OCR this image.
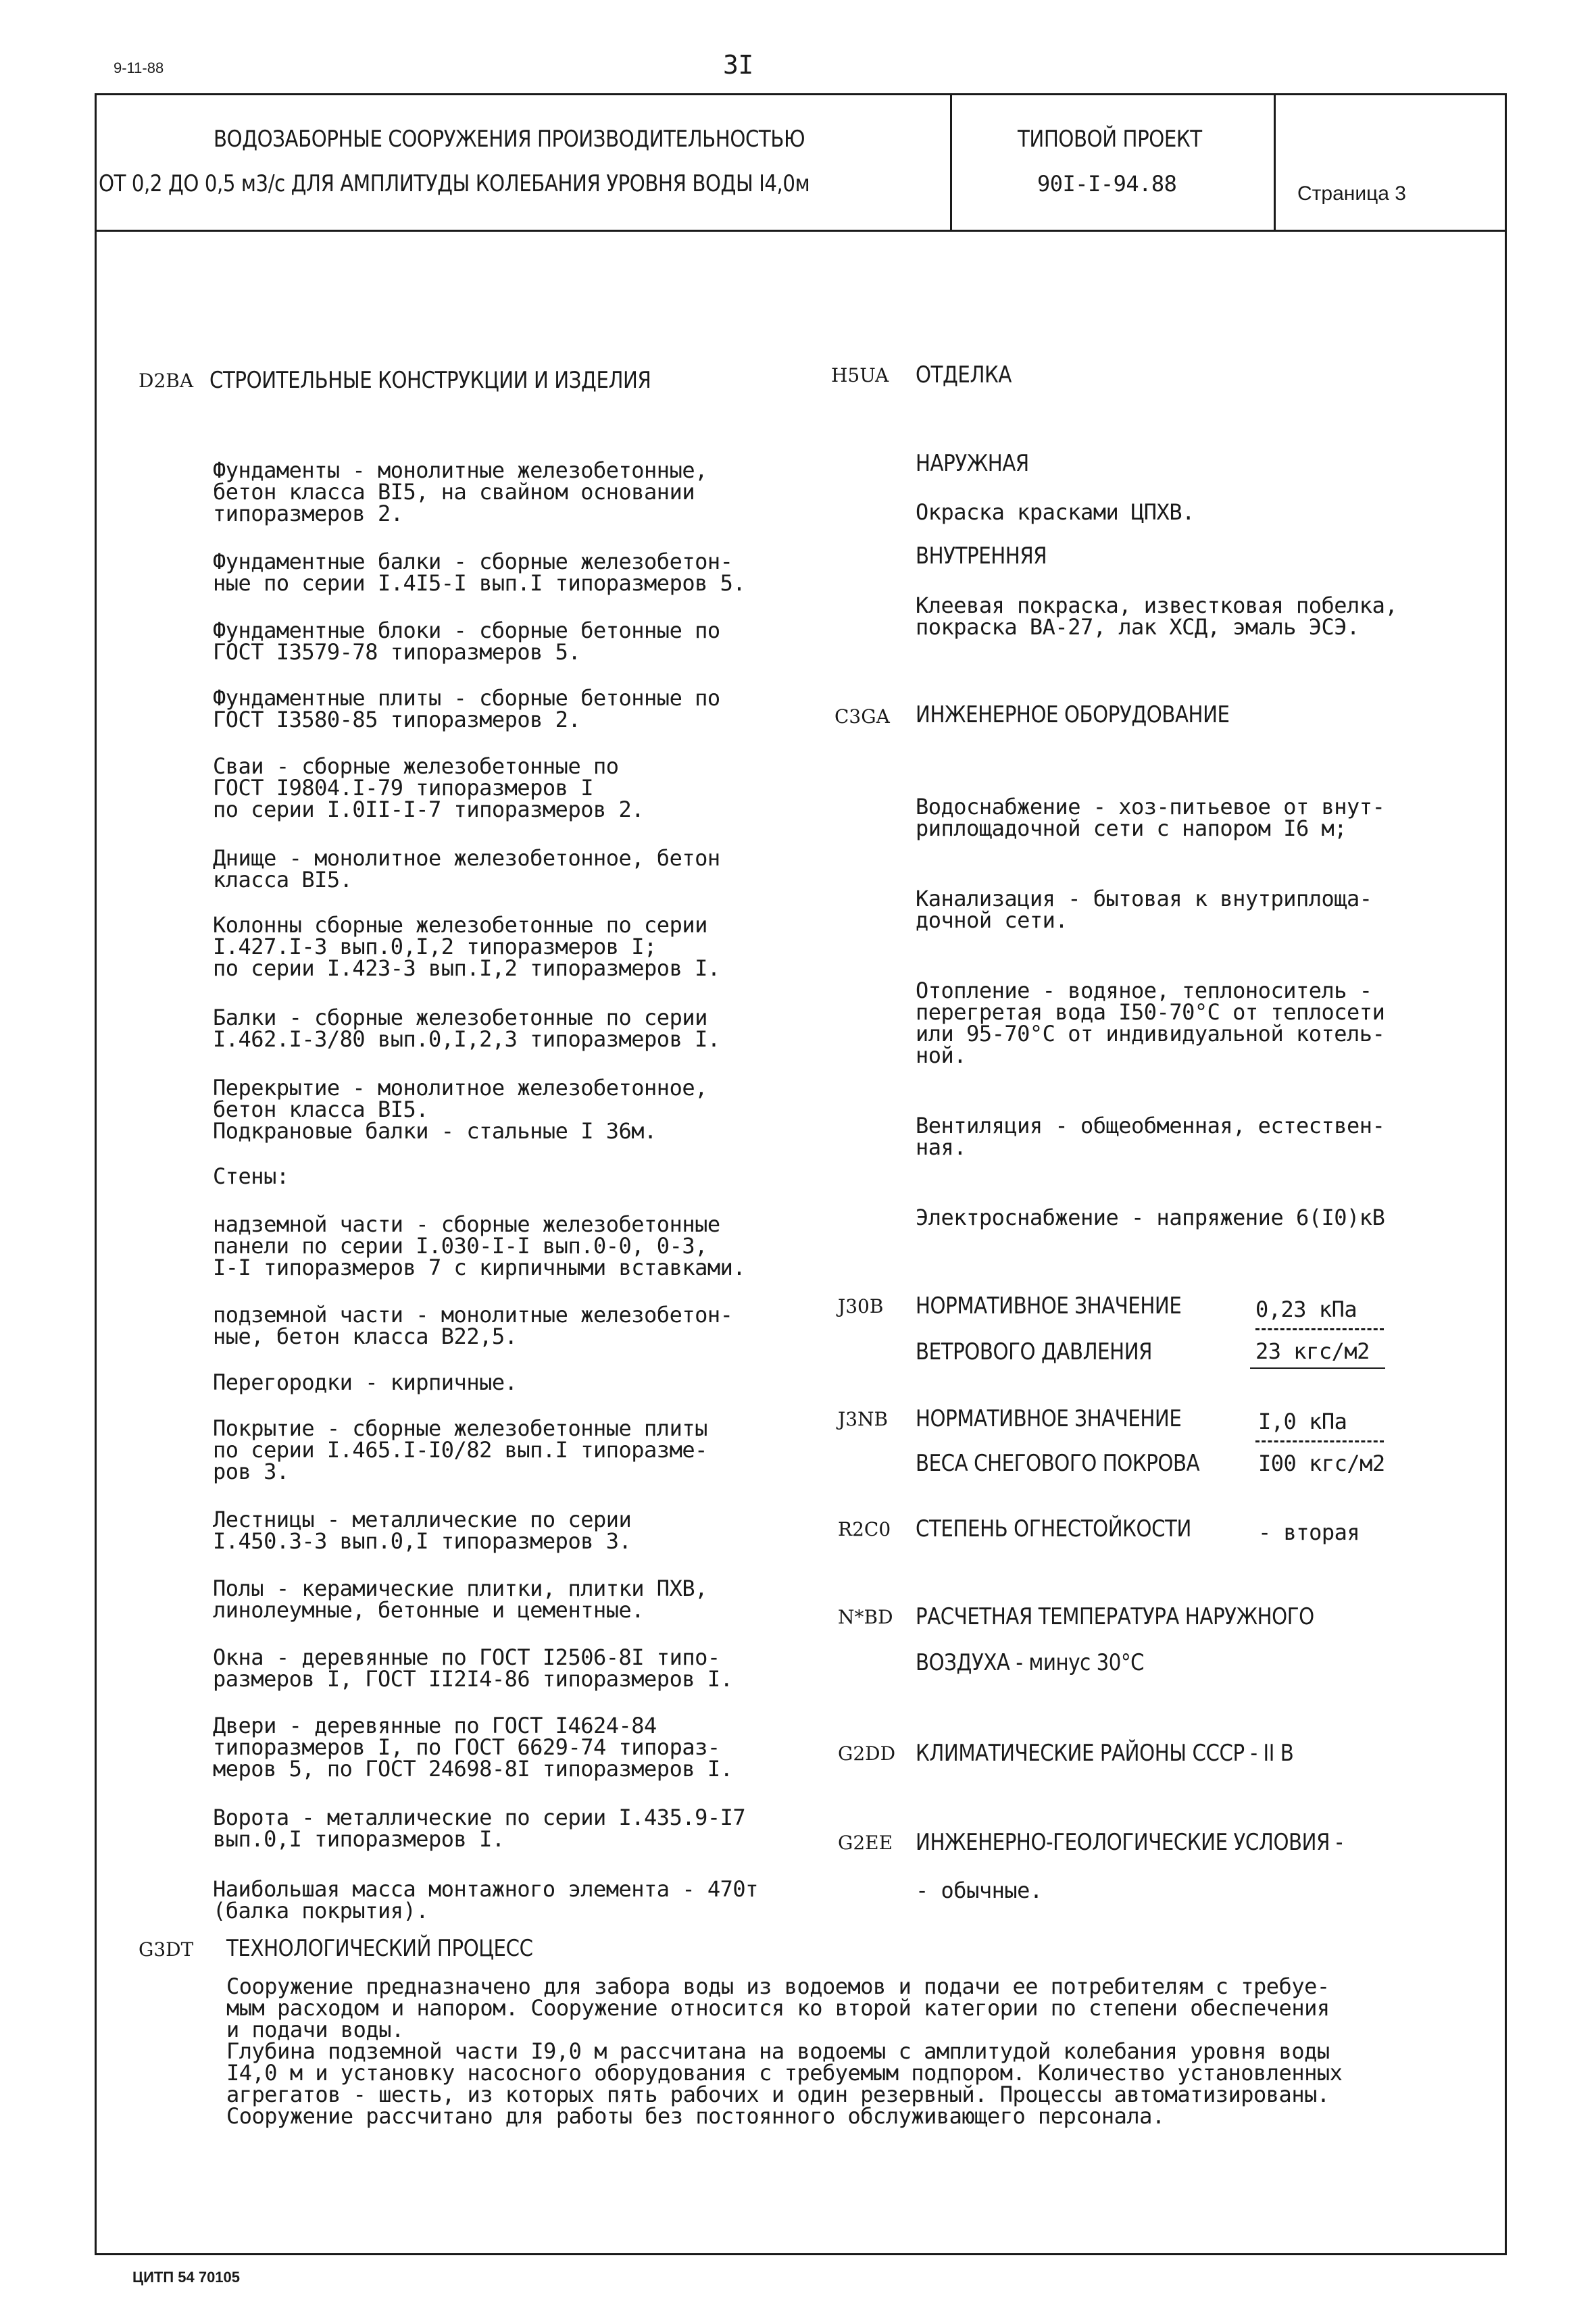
9-11-88	3I
ВОДОЗАБОРНЫЕ СООРУЖЕНИЯ ПРОИЗВОДИТЕЛЬНОСТЬЮ
ОТ 0,2 ДО 0,5 м3/с ДЛЯ АМПЛИТУДЫ КОЛЕБАНИЯ УРОВНЯ ВОДЫ I4,0м
ТИПОВОЙ ПРОЕКТ
90I-I-94.88	Страница 3
D2BA СТРОИТЕЛЬНЫЕ КОНСТРУКЦИИ И ИЗДЕЛИЯ
Фундаменты - монолитные железобетонные,
бетон класса BI5, на свайном основании
типоразмеров 2.
Фундаментные балки - сборные железобетон-
ные по серии I.4I5-I вып.I типоразмеров 5.
Фундаментные блоки - сборные бетонные по
ГОСТ I3579-78 типоразмеров 5.
Фундаментные плиты - сборные бетонные по
ГОСТ I3580-85 типоразмеров 2.
Сваи - сборные железобетонные по
ГОСТ I9804.I-79 типоразмеров I
по серии I.0II-I-7 типоразмеров 2.
Днище - монолитное железобетонное, бетон
класса BI5.
Колонны сборные железобетонные по серии
I.427.I-3 вып.0,I,2 типоразмеров I;
по серии I.423-3 вып.I,2 типоразмеров I.
Балки - сборные железобетонные по серии
I.462.I-3/80 вып.0,I,2,3 типоразмеров I.
Перекрытие - монолитное железобетонное,
бетон класса BI5.
Подкрановые балки - стальные I 36м.
Стены:
надземной части - сборные железобетонные
панели по серии I.030-I-I вып.0-0, 0-3,
I-I типоразмеров 7 с кирпичными вставками.
подземной части - монолитные железобетон-
ные, бетон класса B22,5.
Перегородки - кирпичные.
Покрытие - сборные железобетонные плиты
по серии I.465.I-I0/82 вып.I типоразме-
ров 3.
Лестницы - металлические по серии
I.450.3-3 вып.0,I типоразмеров 3.
Полы - керамические плитки, плитки ПХВ,
линолеумные, бетонные и цементные.
Окна - деревянные по ГОСТ I2506-8I типо-
размеров I, ГОСТ II2I4-86 типоразмеров I.
Двери - деревянные по ГОСТ I4624-84
типоразмеров I, по ГОСТ 6629-74 типораз-
меров 5, по ГОСТ 24698-8I типоразмеров I.
Ворота - металлические по серии I.435.9-I7
вып.0,I типоразмеров I.
Наибольшая масса монтажного элемента - 470т
(балка покрытия).
H5UA ОТДЕЛКА
НАРУЖНАЯ
Окраска красками ЦПХВ.
ВНУТРЕННЯЯ
Клеевая покраска, известковая побелка,
покраска BA-27, лак ХСД, эмаль ЭСЭ.
C3GA ИНЖЕНЕРНОЕ ОБОРУДОВАНИЕ
Водоснабжение - хоз-питьевое от внут-
риплощадочной сети с напором I6 м;
Канализация - бытовая к внутриплоща-
дочной сети.
Отопление - водяное, теплоноситель -
перегретая вода I50-70°С от теплосети
или 95-70°С от индивидуальной котель-
ной.
Вентиляция - общеобменная, естествен-
ная.
Электроснабжение - напряжение 6(I0)кВ
J30B НОРМАТИВНОЕ ЗНАЧЕНИЕ	0,23 кПа
ВЕТРОВОГО ДАВЛЕНИЯ	23 кгс/м2
J3NB НОРМАТИВНОЕ ЗНАЧЕНИЕ	I,0 кПа
ВЕСА СНЕГОВОГО ПОКРОВА	I00 кгс/м2
R2C0 СТЕПЕНЬ ОГНЕСТОЙКОСТИ	- вторая
N*BD РАСЧЕТНАЯ ТЕМПЕРАТУРА НАРУЖНОГО
ВОЗДУХА - минус 30°С
G2DD КЛИМАТИЧЕСКИЕ РАЙОНЫ СССР - II B
G2EE ИНЖЕНЕРНО-ГЕОЛОГИЧЕСКИЕ УСЛОВИЯ -
- обычные.
G3DT ТЕХНОЛОГИЧЕСКИЙ ПРОЦЕСС
Сооружение предназначено для забора воды из водоемов и подачи ее потребителям с требуе-
мым расходом и напором. Сооружение относится ко второй категории по степени обеспечения
и подачи воды.
Глубина подземной части I9,0 м рассчитана на водоемы с амплитудой колебания уровня воды
I4,0 м и установку насосного оборудования с требуемым подпором. Количество установленных
агрегатов - шесть, из которых пять рабочих и один резервный. Процессы автоматизированы.
Сооружение рассчитано для работы без постоянного обслуживающего персонала.
ЦИТП 54 70105
